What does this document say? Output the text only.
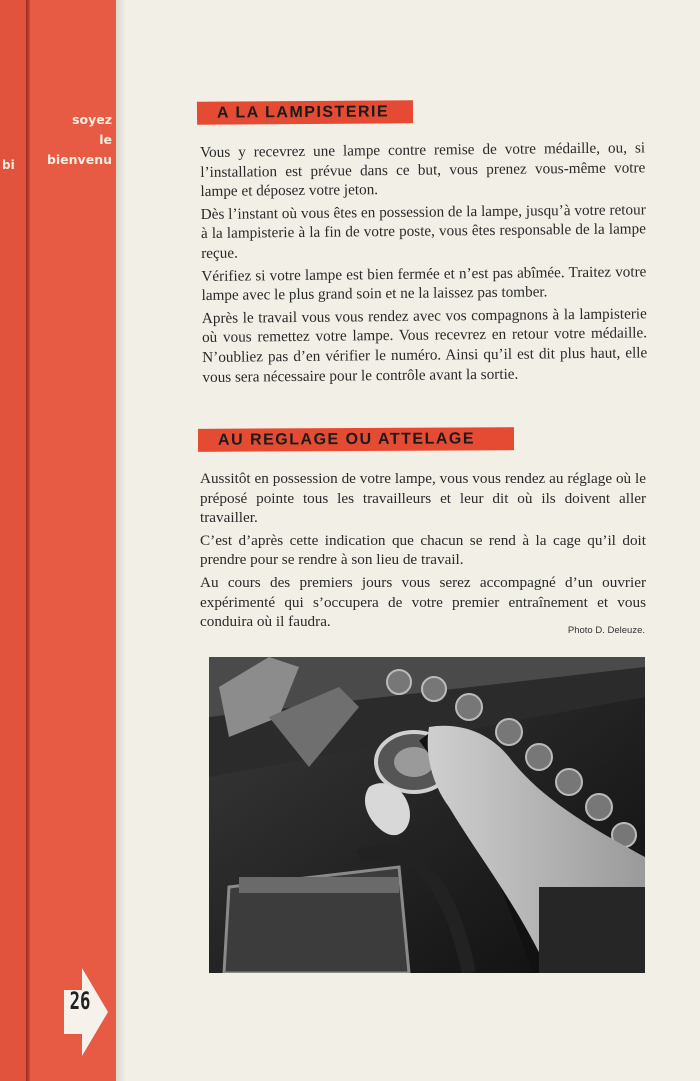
bi
soyez
le
bienvenu
26
A LA LAMPISTERIE

Vous y recevrez une lampe contre remise de votre médaille, ou, si l’installation est prévue dans ce but, vous prenez vous-même votre lampe et déposez votre jeton.

Dès l’instant où vous êtes en possession de la lampe, jusqu’à votre retour à la lampisterie à la fin de votre poste, vous êtes responsable de la lampe reçue.

Vérifiez si votre lampe est bien fermée et n’est pas abîmée. Traitez votre lampe avec le plus grand soin et ne la laissez pas tomber.

Après le travail vous vous rendez avec vos compagnons à la lampisterie où vous remettez votre lampe. Vous recevrez en retour votre médaille. N’oubliez pas d’en vérifier le numéro. Ainsi qu’il est dit plus haut, elle vous sera nécessaire pour le contrôle avant la sortie.

AU REGLAGE OU ATTELAGE

Aussitôt en possession de votre lampe, vous vous rendez au réglage où le préposé pointe tous les travailleurs et leur dit où ils doivent aller travailler.

C’est d’après cette indication que chacun se rend à la cage qu’il doit prendre pour se rendre à son lieu de travail.

Au cours des premiers jours vous serez accompagné d’un ouvrier expérimenté qui s’occupera de votre premier entraînement et vous conduira où il faudra.

Photo D. Deleuze.
